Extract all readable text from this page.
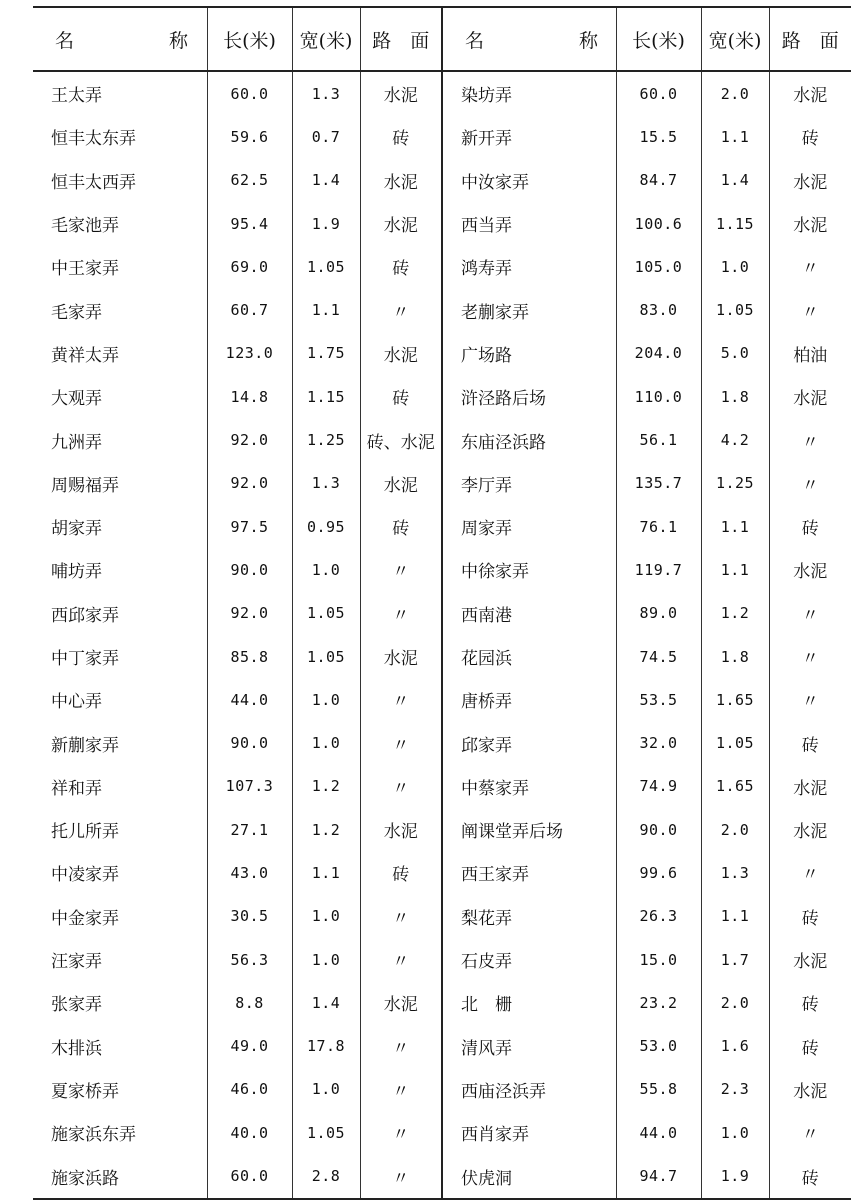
名　称	长(米)	宽(米)	路　面	名　称	长(米)	宽(米)	路　面
王太弄	60.0	1.3	水泥	染坊弄	60.0	2.0	水泥
恒丰太东弄	59.6	0.7	砖	新开弄	15.5	1.1	砖
恒丰太西弄	62.5	1.4	水泥	中汝家弄	84.7	1.4	水泥
毛家池弄	95.4	1.9	水泥	西当弄	100.6	1.15	水泥
中王家弄	69.0	1.05	砖	鸿寿弄	105.0	1.0	〃
毛家弄	60.7	1.1	〃	老蒯家弄	83.0	1.05	〃
黄祥太弄	123.0	1.75	水泥	广场路	204.0	5.0	柏油
大观弄	14.8	1.15	砖	浒泾路后场	110.0	1.8	水泥
九洲弄	92.0	1.25	砖、水泥	东庙泾浜路	56.1	4.2	〃
周赐福弄	92.0	1.3	水泥	李厅弄	135.7	1.25	〃
胡家弄	97.5	0.95	砖	周家弄	76.1	1.1	砖
哺坊弄	90.0	1.0	〃	中徐家弄	119.7	1.1	水泥
西邱家弄	92.0	1.05	〃	西南港	89.0	1.2	〃
中丁家弄	85.8	1.05	水泥	花园浜	74.5	1.8	〃
中心弄	44.0	1.0	〃	唐桥弄	53.5	1.65	〃
新蒯家弄	90.0	1.0	〃	邱家弄	32.0	1.05	砖
祥和弄	107.3	1.2	〃	中蔡家弄	74.9	1.65	水泥
托儿所弄	27.1	1.2	水泥	阐课堂弄后场	90.0	2.0	水泥
中凌家弄	43.0	1.1	砖	西王家弄	99.6	1.3	〃
中金家弄	30.5	1.0	〃	梨花弄	26.3	1.1	砖
汪家弄	56.3	1.0	〃	石皮弄	15.0	1.7	水泥
张家弄	8.8	1.4	水泥	北　栅	23.2	2.0	砖
木排浜	49.0	17.8	〃	清风弄	53.0	1.6	砖
夏家桥弄	46.0	1.0	〃	西庙泾浜弄	55.8	2.3	水泥
施家浜东弄	40.0	1.05	〃	西肖家弄	44.0	1.0	〃
施家浜路	60.0	2.8	〃	伏虎洞	94.7	1.9	砖
